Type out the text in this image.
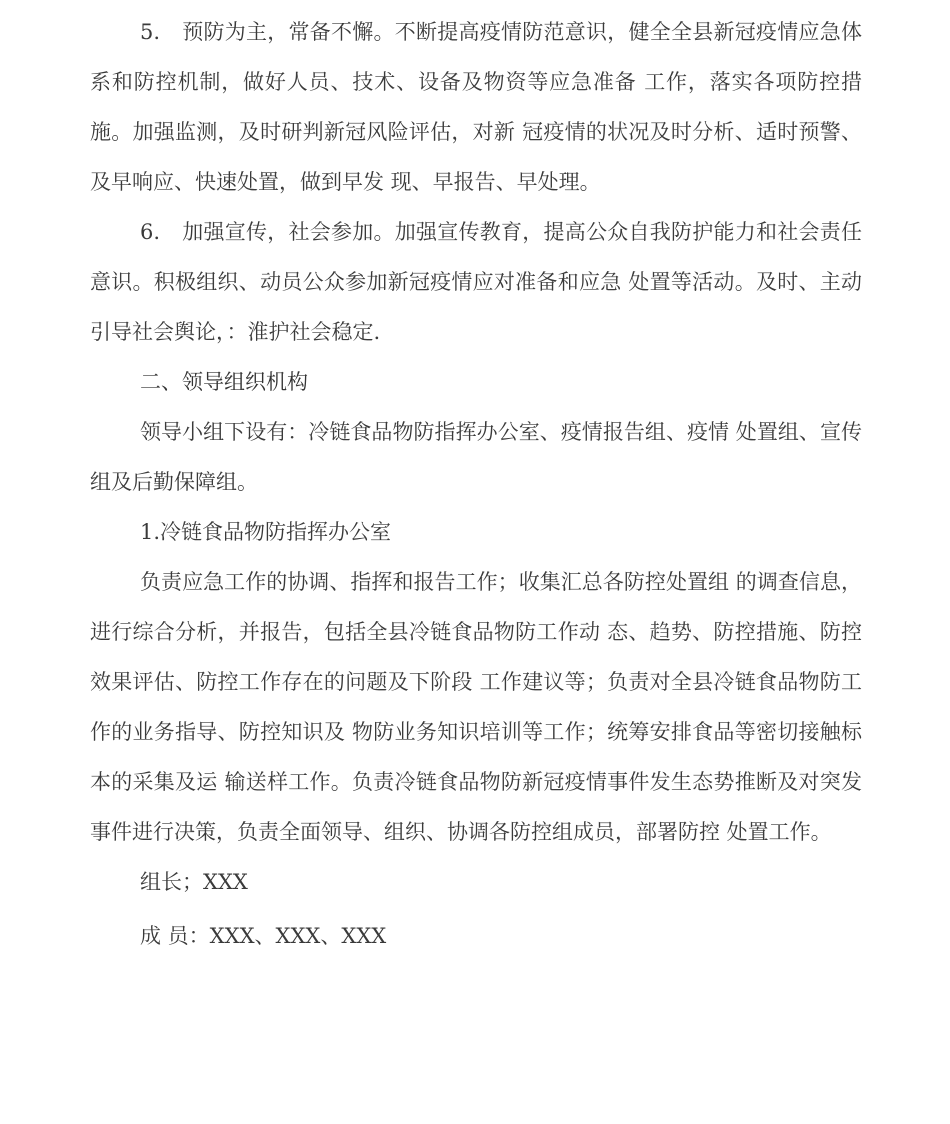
5. 预防为主，常备不懈。不断提高疫情防范意识，健全全县新冠疫情应急体系和防控机制，做好人员、技术、设备及物资等应急准备 工作，落实各项防控措施。加强监测，及时研判新冠风险评估，对新 冠疫情的状况及时分析、适时预警、及早响应、快速处置，做到早发 现、早报告、早处理。

6. 加强宣传，社会参加。加强宣传教育，提高公众自我防护能力和社会责任意识。积极组织、动员公众参加新冠疫情应对准备和应急 处置等活动。及时、主动引导社会舆论，：淮护社会稳定.

二、领导组织机构

领导小组下设有：冷链食品物防指挥办公室、疫情报告组、疫情 处置组、宣传组及后勤保障组。

1.冷链食品物防指挥办公室

负责应急工作的协调、指挥和报告工作；收集汇总各防控处置组 的调查信息，进行综合分析，并报告，包括全县冷链食品物防工作动 态、趋势、防控措施、防控效果评估、防控工作存在的问题及下阶段 工作建议等；负责对全县冷链食品物防工作的业务指导、防控知识及 物防业务知识培训等工作；统筹安排食品等密切接触标本的采集及运 输送样工作。负责冷链食品物防新冠疫情事件发生态势推断及对突发 事件进行决策，负责全面领导、组织、协调各防控组成员，部署防控 处置工作。

组长；XXX

成 员：XXX、XXX、XXX
